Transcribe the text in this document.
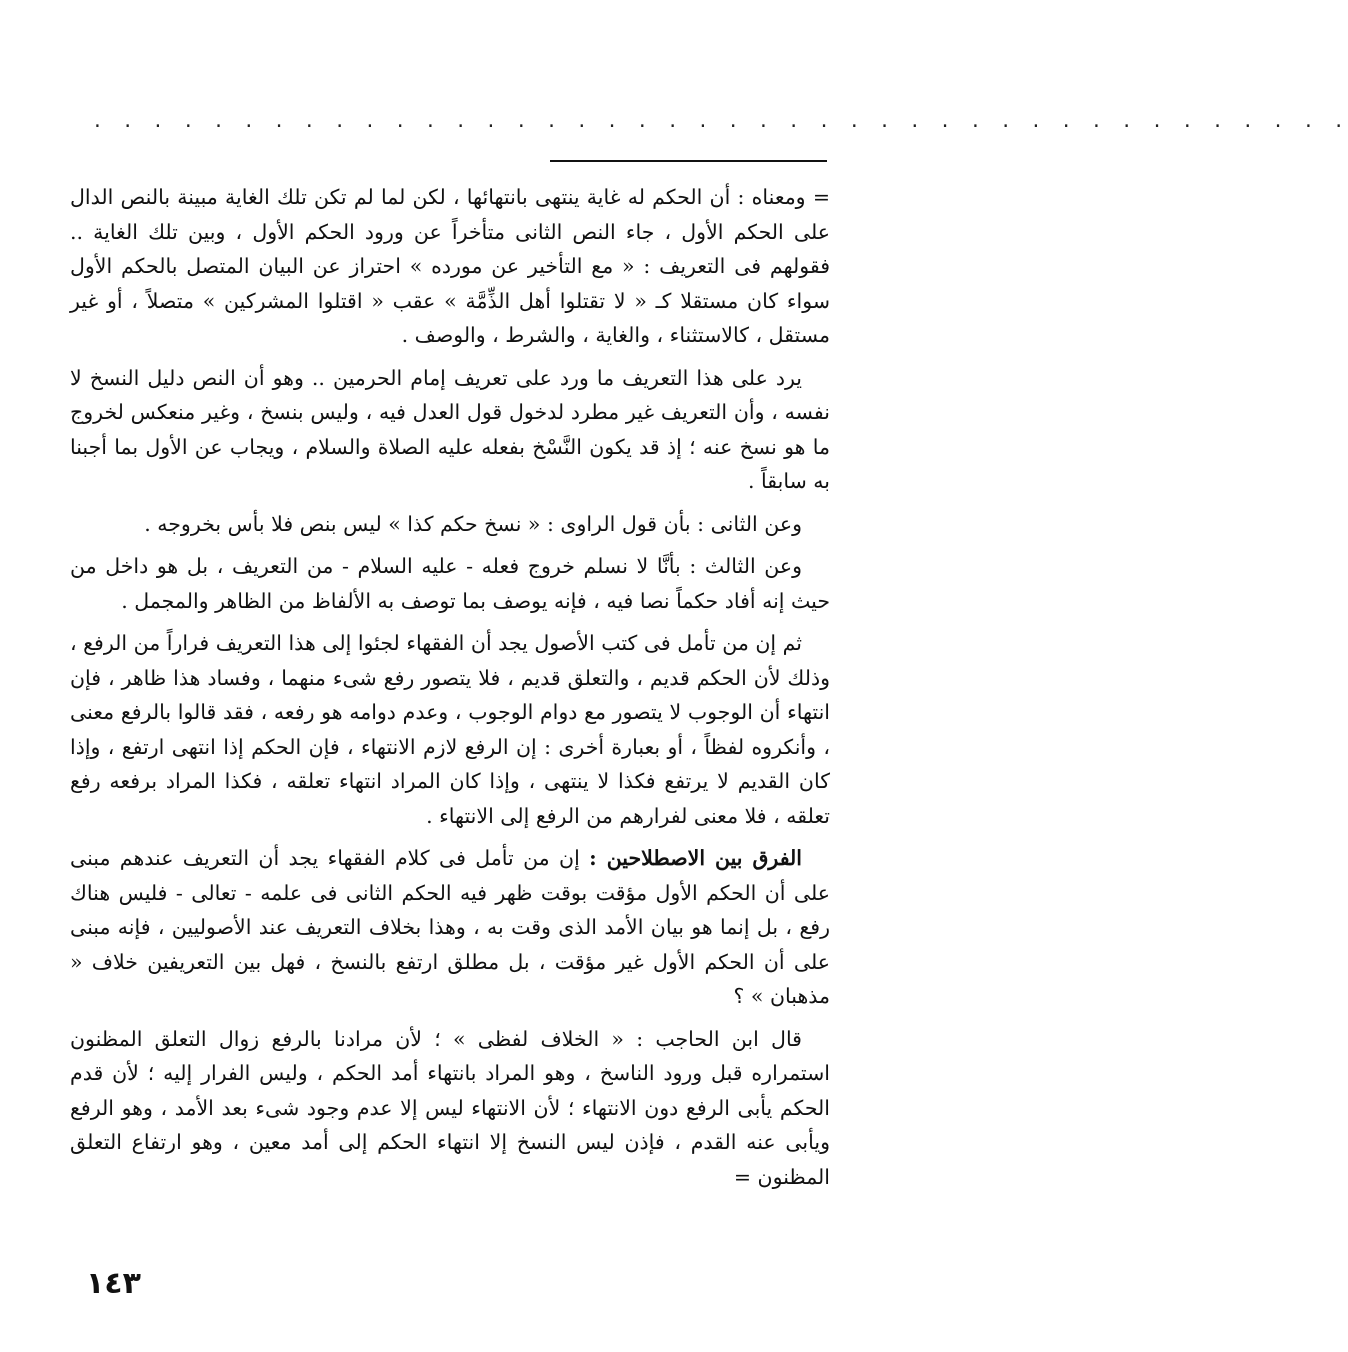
. . . . . . . . . . . . . . . . . . . . . . . . . . . . . . . . . . . . . . . . . .

= ومعناه : أن الحكم له غاية ينتهى بانتهائها ، لكن لما لم تكن تلك الغاية مبينة بالنص الدال على الحكم الأول ، جاء النص الثانى متأخراً عن ورود الحكم الأول ، وبين تلك الغاية .. فقولهم فى التعريف : « مع التأخير عن مورده » احتراز عن البيان المتصل بالحكم الأول سواء كان مستقلا كـ « لا تقتلوا أهل الذِّمَّة » عقب « اقتلوا المشركين » متصلاً ، أو غير مستقل ، كالاستثناء ، والغاية ، والشرط ، والوصف .

يرد على هذا التعريف ما ورد على تعريف إمام الحرمين .. وهو أن النص دليل النسخ لا نفسه ، وأن التعريف غير مطرد لدخول قول العدل فيه ، وليس بنسخ ، وغير منعكس لخروج ما هو نسخ عنه ؛ إذ قد يكون النَّسْخ بفعله عليه الصلاة والسلام ، ويجاب عن الأول بما أجبنا به سابقاً .

وعن الثانى : بأن قول الراوى : « نسخ حكم كذا » ليس بنص فلا بأس بخروجه .

وعن الثالث : بأنَّا لا نسلم خروج فعله - عليه السلام - من التعريف ، بل هو داخل من حيث إنه أفاد حكماً نصا فيه ، فإنه يوصف بما توصف به الألفاظ من الظاهر والمجمل .

ثم إن من تأمل فى كتب الأصول يجد أن الفقهاء لجئوا إلى هذا التعريف فراراً من الرفع ، وذلك لأن الحكم قديم ، والتعلق قديم ، فلا يتصور رفع شىء منهما ، وفساد هذا ظاهر ، فإن انتهاء أن الوجوب لا يتصور مع دوام الوجوب ، وعدم دوامه هو رفعه ، فقد قالوا بالرفع معنى ، وأنكروه لفظاً ، أو بعبارة أخرى : إن الرفع لازم الانتهاء ، فإن الحكم إذا انتهى ارتفع ، وإذا كان القديم لا يرتفع فكذا لا ينتهى ، وإذا كان المراد انتهاء تعلقه ، فكذا المراد برفعه رفع تعلقه ، فلا معنى لفرارهم من الرفع إلى الانتهاء .

الفرق بين الاصطلاحين : إن من تأمل فى كلام الفقهاء يجد أن التعريف عندهم مبنى على أن الحكم الأول مؤقت بوقت ظهر فيه الحكم الثانى فى علمه - تعالى - فليس هناك رفع ، بل إنما هو بيان الأمد الذى وقت به ، وهذا بخلاف التعريف عند الأصوليين ، فإنه مبنى على أن الحكم الأول غير مؤقت ، بل مطلق ارتفع بالنسخ ، فهل بين التعريفين خلاف « مذهبان » ؟

قال ابن الحاجب : « الخلاف لفظى » ؛ لأن مرادنا بالرفع زوال التعلق المظنون استمراره قبل ورود الناسخ ، وهو المراد بانتهاء أمد الحكم ، وليس الفرار إليه ؛ لأن قدم الحكم يأبى الرفع دون الانتهاء ؛ لأن الانتهاء ليس إلا عدم وجود شىء بعد الأمد ، وهو الرفع ويأبى عنه القدم ، فإذن ليس النسخ إلا انتهاء الحكم إلى أمد معين ، وهو ارتفاع التعلق المظنون =

١٤٣
